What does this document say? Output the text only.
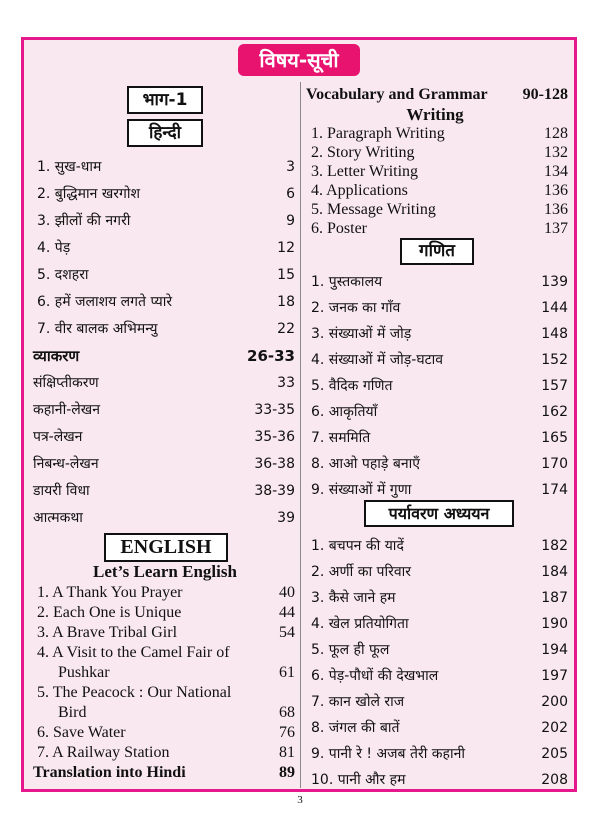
विषय-सूची
भाग-1
हिन्दी
1. सुख-धाम	3
2. बुद्धिमान खरगोश	6
3. झीलों की नगरी	9
4. पेड़	12
5. दशहरा	15
6. हमें जलाशय लगते प्यारे	18
7. वीर बालक अभिमन्यु	22
व्याकरण	26-33
संक्षिप्तीकरण	33
कहानी-लेखन	33-35
पत्र-लेखन	35-36
निबन्ध-लेखन	36-38
डायरी विधा	38-39
आत्मकथा	39
ENGLISH
Let’s Learn English
1. A Thank You Prayer	40
2. Each One is Unique	44
3. A Brave Tribal Girl	54
4. A Visit to the Camel Fair of
Pushkar	61
5. The Peacock : Our National
Bird	68
6. Save Water	76
7. A Railway Station	81
Translation into Hindi	89
Vocabulary and Grammar 90-128
Writing
1. Paragraph Writing	128
2. Story Writing	132
3. Letter Writing	134
4. Applications	136
5. Message Writing	136
6. Poster	137
गणित
1. पुस्तकालय	139
2. जनक का गाँव	144
3. संख्याओं में जोड़	148
4. संख्याओं में जोड़-घटाव	152
5. वैदिक गणित	157
6. आकृतियाँ	162
7. सममिति	165
8. आओ पहाड़े बनाएँ	170
9. संख्याओं में गुणा	174
पर्यावरण अध्ययन
1. बचपन की यादें	182
2. अर्णी का परिवार	184
3. कैसे जाने हम	187
4. खेल प्रतियोगिता	190
5. फूल ही फूल	194
6. पेड़-पौधों की देखभाल	197
7. कान खोले राज	200
8. जंगल की बातें	202
9. पानी रे ! अजब तेरी कहानी	205
10. पानी और हम	208
3
